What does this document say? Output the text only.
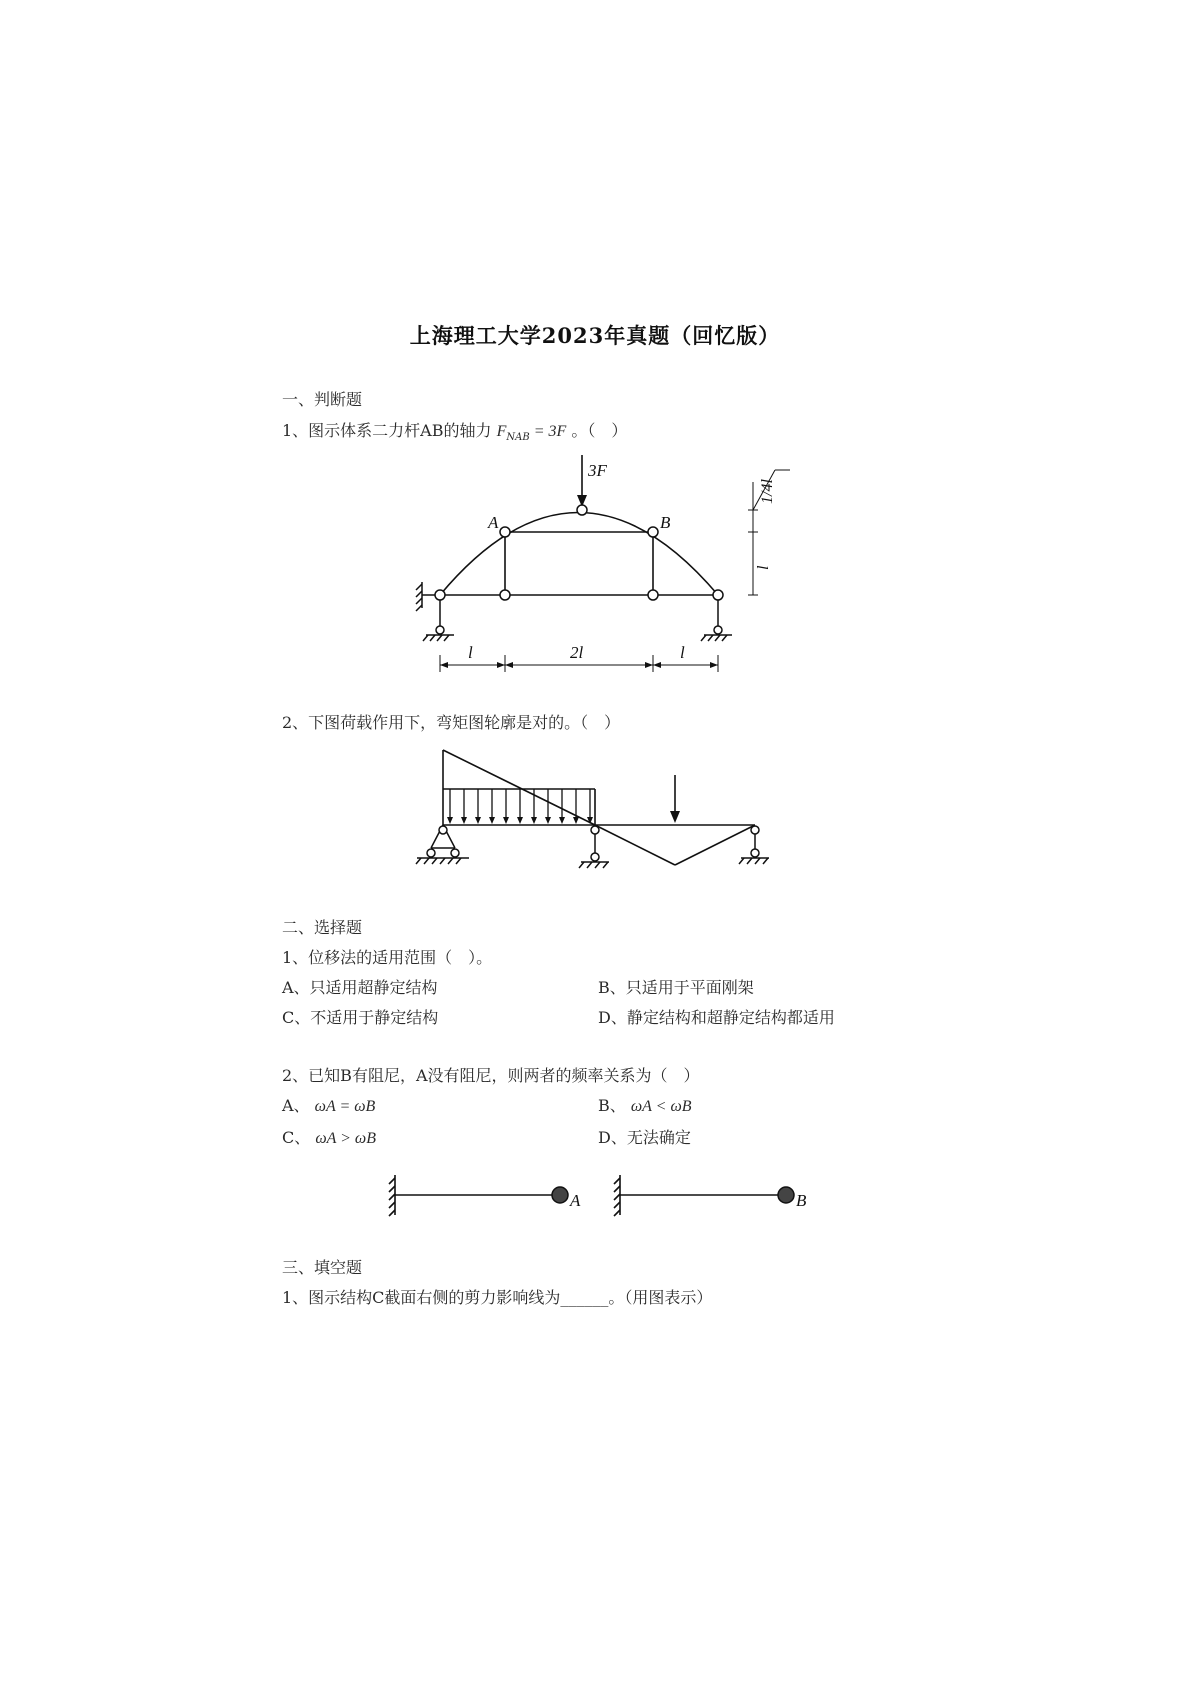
上海理工大学2023年真题（回忆版）
一、判断题
1、图示体系二力杆AB的轴力 $F_{NAB} = 3F$ 。（　）
3F
A	B
1/4l
l
l	2l	l
2、下图荷载作用下，弯矩图轮廓是对的。（　）
二、选择题
1、位移法的适用范围（　）。
A、只适用超静定结构	B、只适用于平面刚架
C、不适用于静定结构	D、静定结构和超静定结构都适用
2、已知B有阻尼，A没有阻尼，则两者的频率关系为（　）
A、 ωA = ωB	B、 ωA < ωB
C、 ωA > ωB	D、无法确定
A	B
三、填空题
1、图示结构C截面右侧的剪力影响线为______。（用图表示）
